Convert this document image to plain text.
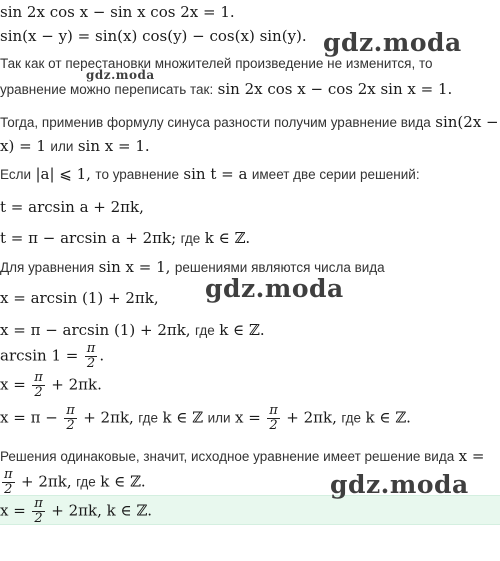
gdz.moda
gdz.moda
gdz.moda
gdz.moda
sin 2x cos x − sin x cos 2x = 1.
sin(x − y) = sin(x) cos(y) − cos(x) sin(y).
Так как от перестановки множителей произведение не изменится, то
уравнение можно переписать так: sin 2x cos x − cos 2x sin x = 1.
Тогда, применив формулу синуса разности получим уравнение вида sin(2x −
x) = 1 или sin x = 1.
Если |a| ⩽ 1, то уравнение sin t = a имеет две серии решений:
t = arcsin a + 2πk,
t = π − arcsin a + 2πk; где k ∈ ℤ.
Для уравнения sin x = 1, решениями являются числа вида
x = arcsin (1) + 2πk,
x = π − arcsin (1) + 2πk, где k ∈ ℤ.
$\arcsin 1 = \frac{\pi}{2}$ .
$x = \frac{\pi}{2} + 2\pi k$.
$x = \pi - \frac{\pi}{2} + 2\pi k$, где k ∈ ℤ или $x = \frac{\pi}{2} + 2\pi k$, где k ∈ ℤ.
Решения одинаковые, значит, исходное уравнение имеет решение вида x =
$\frac{\pi}{2} + 2\pi k$, где k ∈ ℤ.
$x = \frac{\pi}{2} + 2\pi k$, k ∈ ℤ.
